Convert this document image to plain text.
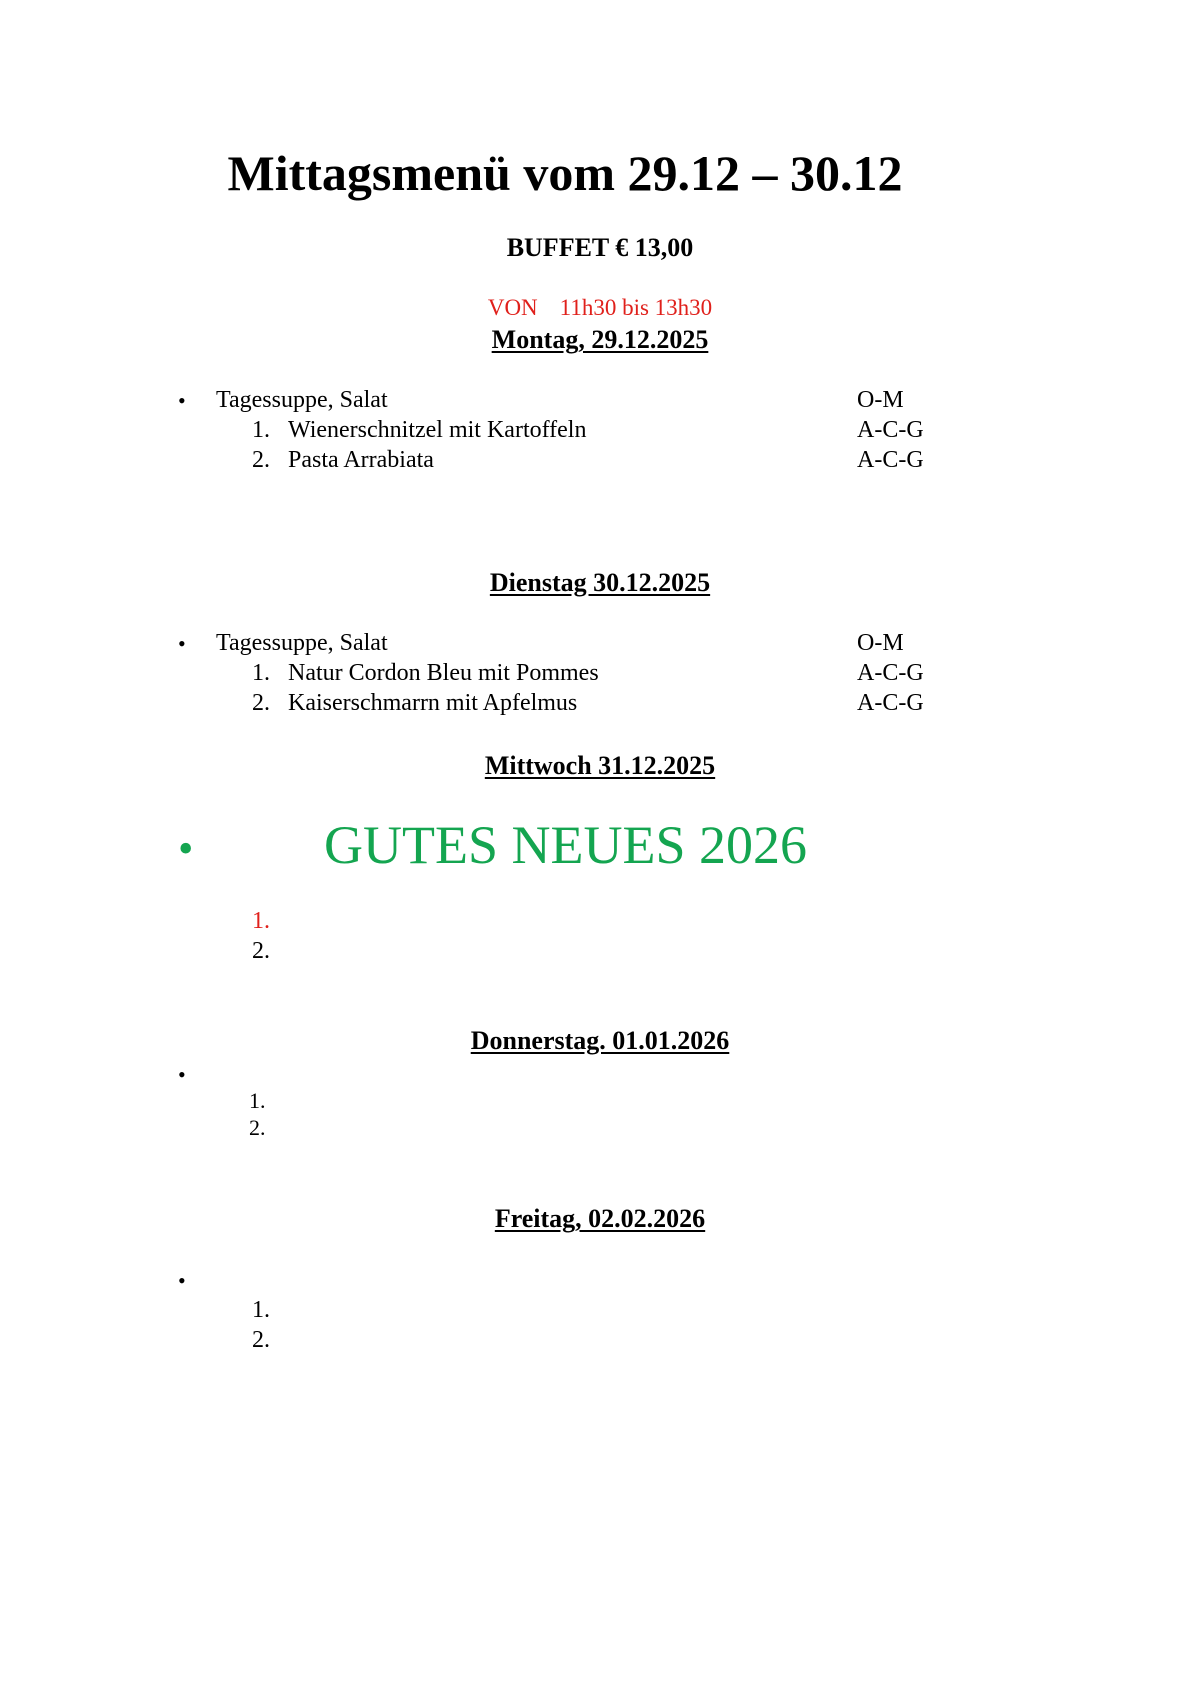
Mittagsmenü vom 29.12 – 30.12
BUFFET € 13,00
VON 11h30 bis 13h30
Montag, 29.12.2025
• Tagessuppe, Salat	O-M
1. Wienerschnitzel mit Kartoffeln	A-C-G
2. Pasta Arrabiata	A-C-G
Dienstag 30.12.2025
• Tagessuppe, Salat	O-M
1. Natur Cordon Bleu mit Pommes	A-C-G
2. Kaiserschmarrn mit Apfelmus	A-C-G
Mittwoch 31.12.2025
• GUTES NEUES 2026
1.
2.
Donnerstag. 01.01.2026
•
1.
2.
Freitag, 02.02.2026
•
1.
2.
